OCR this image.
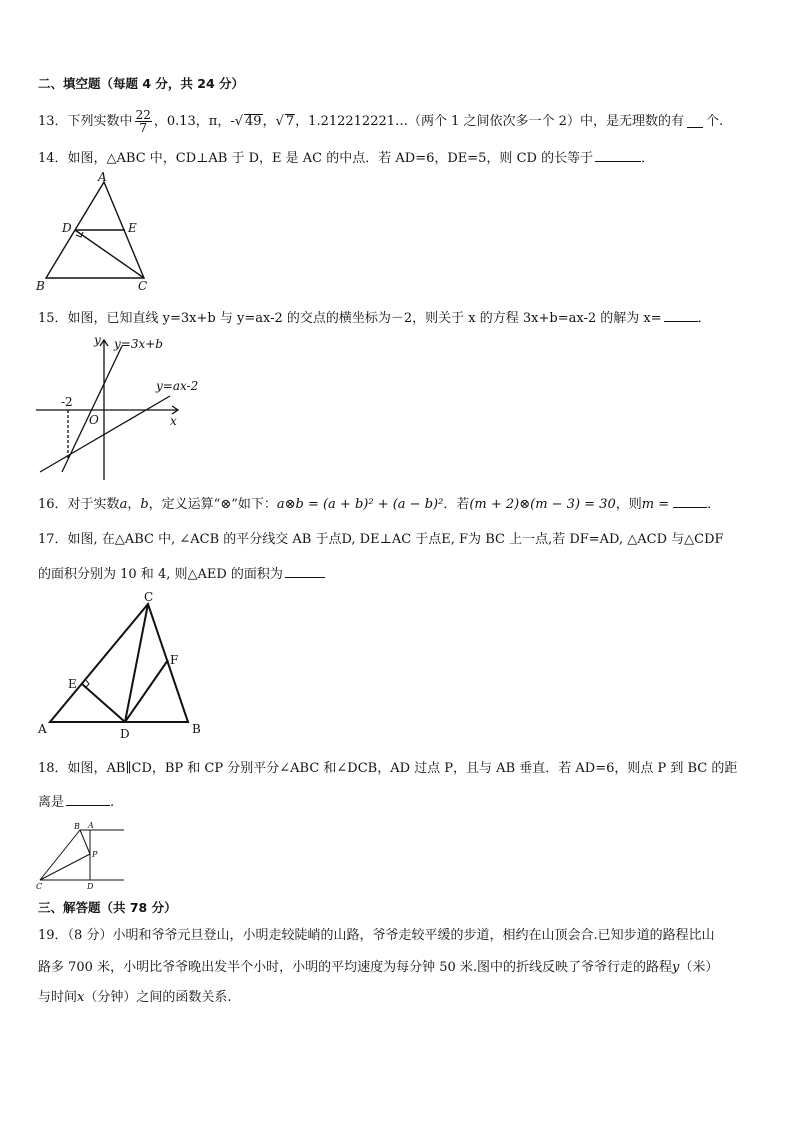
二、填空题（每题 4 分，共 24 分）
13． 下列实数中 $\frac{22}{7}$ ，0.13，π，- √ 49 ， √ 7 ，1.212212221…（两个 1 之间依次多一个 2）中，是无理数的有 个.
14．如图，△ABC 中，CD⊥AB 于 D，E 是 AC 的中点．若 AD=6，DE=5，则 CD 的长等于	．
A
B	C
D	E
15．如图，已知直线 y=3x+b 与 y=ax-2 的交点的横坐标为－2，则关于 x 的方程 3x+b=ax-2 的解为 x=	．
y
x
O
-2
y=3x+b
y=ax-2
16．对于实数a，b，定义运算“⊗”如下：a⊗b = (a + b)² + (a − b)²．若(m + 2)⊗(m − 3) = 30，则m =	．
17．如图, 在△ABC 中, ∠ACB 的平分线交 AB 于点D, DE⊥AC 于点E, F为 BC 上一点,若 DF=AD, △ACD 与△CDF
的面积分别为 10 和 4, 则△AED 的面积为
C
A	B
D
E
F
18．如图，AB∥CD，BP 和 CP 分别平分∠ABC 和∠DCB，AD 过点 P，且与 AB 垂直．若 AD=6，则点 P 到 BC 的距
离是	.
B A
P
C	D
三、解答题（共 78 分）
19．（8 分）小明和爷爷元旦登山，小明走较陡峭的山路，爷爷走较平缓的步道，相约在山顶会合.已知步道的路程比山
路多 700 米，小明比爷爷晚出发半个小时，小明的平均速度为每分钟 50 米.图中的折线反映了爷爷行走的路程y（米）
与时间x（分钟）之间的函数关系.
